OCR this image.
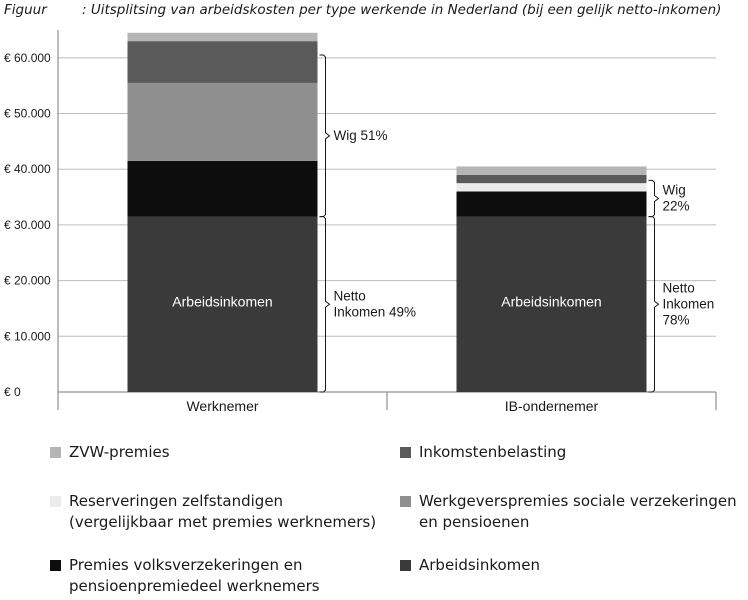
Figuur	: Uitsplitsing van arbeidskosten per type werkende in Nederland (bij een gelijk netto-inkomen)
€ 0
€ 10.000
€ 20.000
€ 30.000
€ 40.000
€ 50.000
€ 60.000
Arbeidsinkomen
Werknemer
Arbeidsinkomen
IB-ondernemer
Wig 51%
Netto Inkomen 49%
Wig 22%
Netto Inkomen 78%
ZVW-premies	Inkomstenbelasting
Reserveringen zelfstandigen
(vergelijkbaar met premies werknemers)
Werkgeverspremies sociale verzekeringen
en pensioenen
Premies volksverzekeringen en
pensioenpremiedeel werknemers
Arbeidsinkomen
